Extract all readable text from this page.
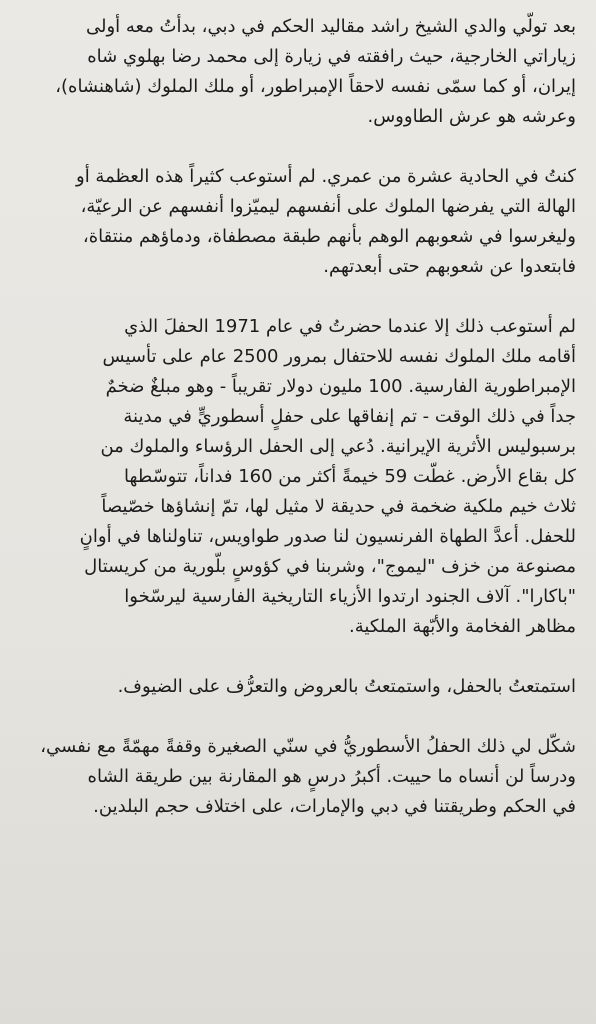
بعد تولّي والدي الشيخ راشد مقاليد الحكم في دبي، بدأتُ معه أولى
زياراتي الخارجية، حيث رافقته في زيارة إلى محمد رضا بهلوي شاه
إيران، أو كما سمّى نفسه لاحقاً الإمبراطور، أو ملك الملوك (شاهنشاه)،
وعرشه هو عرش الطاووس.
كنتُ في الحادية عشرة من عمري. لم أستوعب كثيراً هذه العظمة أو
الهالة التي يفرضها الملوك على أنفسهم ليميّزوا أنفسهم عن الرعيّة،
وليغرسوا في شعوبهم الوهم بأنهم طبقة مصطفاة، ودماؤهم منتقاة،
فابتعدوا عن شعوبهم حتى أبعدتهم.
لم أستوعب ذلك إلا عندما حضرتُ في عام 1971 الحفلَ الذي
أقامه ملك الملوك نفسه للاحتفال بمرور 2500 عام على تأسيس
الإمبراطورية الفارسية. 100 مليون دولار تقريباً - وهو مبلغٌ ضخمٌ
جداً في ذلك الوقت - تم إنفاقها على حفلٍ أسطوريٍّ في مدينة
برسبوليس الأثرية الإيرانية. دُعي إلى الحفل الرؤساء والملوك من
كل بقاع الأرض. غطّت 59 خيمةً أكثر من 160 فداناً، تتوسّطها
ثلاث خيم ملكية ضخمة في حديقة لا مثيل لها، تمّ إنشاؤها خصّيصاً
للحفل. أعدَّ الطهاة الفرنسيون لنا صدور طواويس، تناولناها في أوانٍ
مصنوعة من خزف "ليموج"، وشربنا في كؤوسٍ بلّورية من كريستال
"باكارا". آلاف الجنود ارتدوا الأزياء التاريخية الفارسية ليرسّخوا
مظاهر الفخامة والأبّهة الملكية.
استمتعتُ بالحفل، واستمتعتُ بالعروض والتعرُّف على الضيوف.
شكّل لي ذلك الحفلُ الأسطوريُّ في سنّي الصغيرة وقفةً مهمّةً مع نفسي،
ودرساً لن أنساه ما حييت. أكبرُ درسٍ هو المقارنة بين طريقة الشاه
في الحكم وطريقتنا في دبي والإمارات، على اختلاف حجم البلدين.
